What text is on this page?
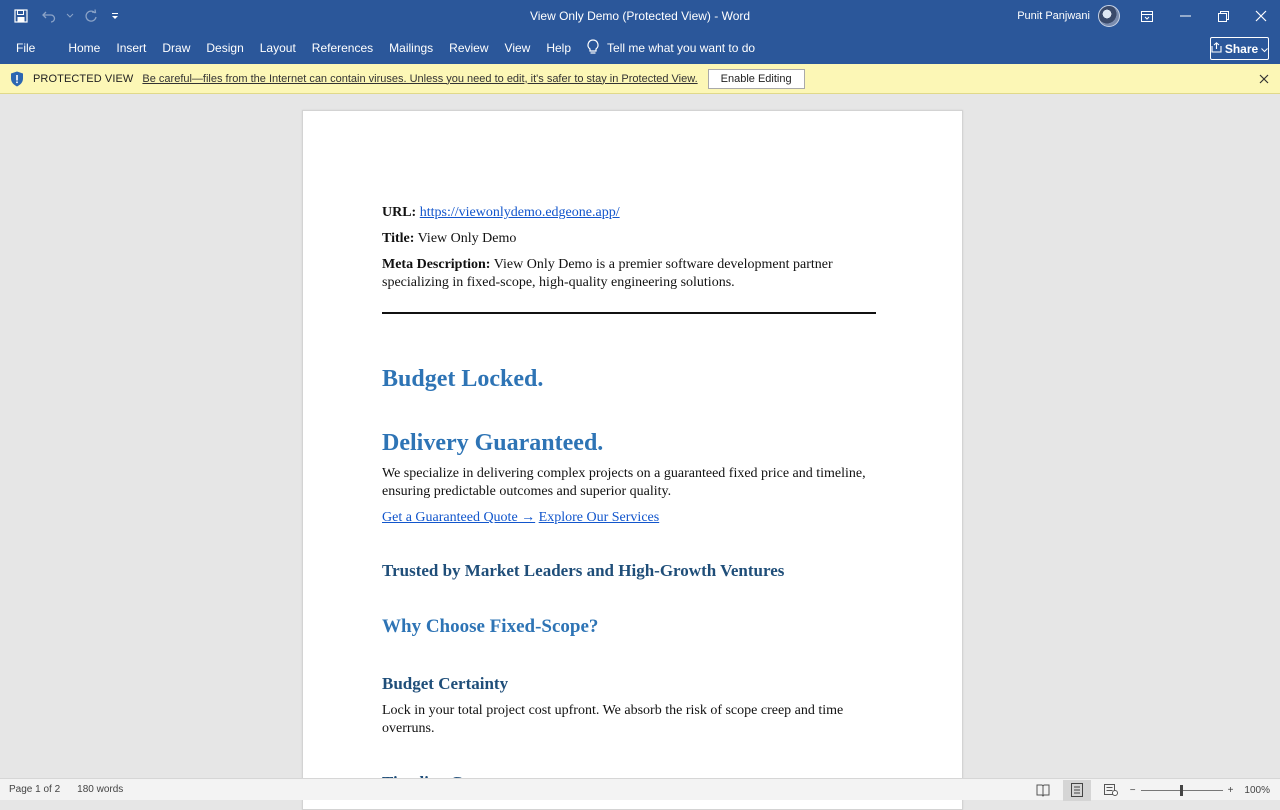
View Only Demo (Protected View) - Word	Punit Panjwani
File	Home	Insert	Draw	Design	Layout	References	Mailings	Review	View	Help	Tell me what you want to do	Share
PROTECTED VIEW Be careful—files from the Internet can contain viruses. Unless you need to edit, it's safer to stay in Protected View.	Enable Editing

URL: https://viewonlydemo.edgeone.app/

Title: View Only Demo

Meta Description: View Only Demo is a premier software development partner specializing in fixed-scope, high-quality engineering solutions.

Budget Locked.
Delivery Guaranteed.

We specialize in delivering complex projects on a guaranteed fixed price and timeline, ensuring predictable outcomes and superior quality.

Get a Guaranteed Quote → Explore Our Services

Trusted by Market Leaders and High-Growth Ventures
Why Choose Fixed-Scope?
Budget Certainty

Lock in your total project cost upfront. We absorb the risk of scope creep and time overruns.

Page 1 of 2 180 words	−	+ 100%
